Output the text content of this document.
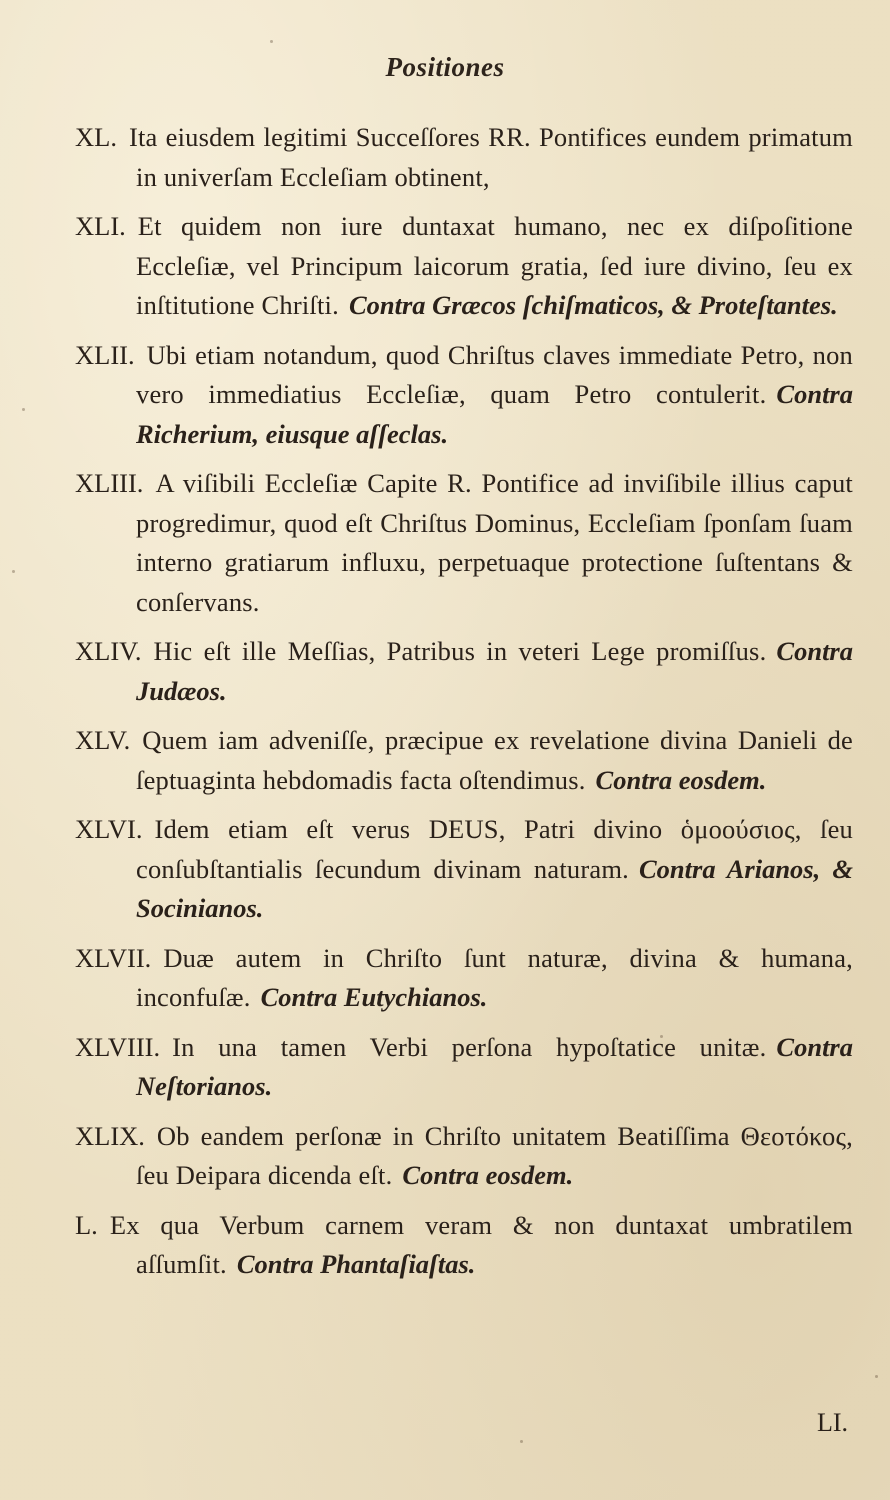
Positiones
XL. Ita eiusdem legitimi Succeſſores RR. Pontifices eundem primatum in univerſam Eccleſiam obtinent,
XLI. Et quidem non iure duntaxat humano, nec ex diſpoſitione Eccleſiæ, vel Principum laicorum gratia, ſed iure divino, ſeu ex inſtitutione Chriſti. Contra Græcos ſchiſmaticos, & Proteſtantes.
XLII. Ubi etiam notandum, quod Chriſtus claves immediate Petro, non vero immediatius Eccleſiæ, quam Petro contulerit. Contra Richerium, eiusque aſſeclas.
XLIII. A viſibili Eccleſiæ Capite R. Pontifice ad inviſibile illius caput progredimur, quod eſt Chriſtus Dominus, Eccleſiam ſponſam ſuam interno gratiarum influxu, perpetuaque protectione ſuſtentans & conſervans.
XLIV. Hic eſt ille Meſſias, Patribus in veteri Lege promiſſus. Contra Judæos.
XLV. Quem iam adveniſſe, præcipue ex revelatione divina Danieli de ſeptuaginta hebdomadis facta oſtendimus. Contra eosdem.
XLVI. Idem etiam eſt verus DEUS, Patri divino ὁμοούσιος, ſeu conſubſtantialis ſecundum divinam naturam. Contra Arianos, & Socinianos.
XLVII. Duæ autem in Chriſto ſunt naturæ, divina & humana, inconfuſæ. Contra Eutychianos.
XLVIII. In una tamen Verbi perſona hypoſtatice unitæ. Contra Neſtorianos.
XLIX. Ob eandem perſonæ in Chriſto unitatem Beatiſſima Θεοτόκος, ſeu Deipara dicenda eſt. Contra eosdem.
L. Ex qua Verbum carnem veram & non duntaxat umbratilem aſſumſit. Contra Phantaſiaſtas.
LI.
